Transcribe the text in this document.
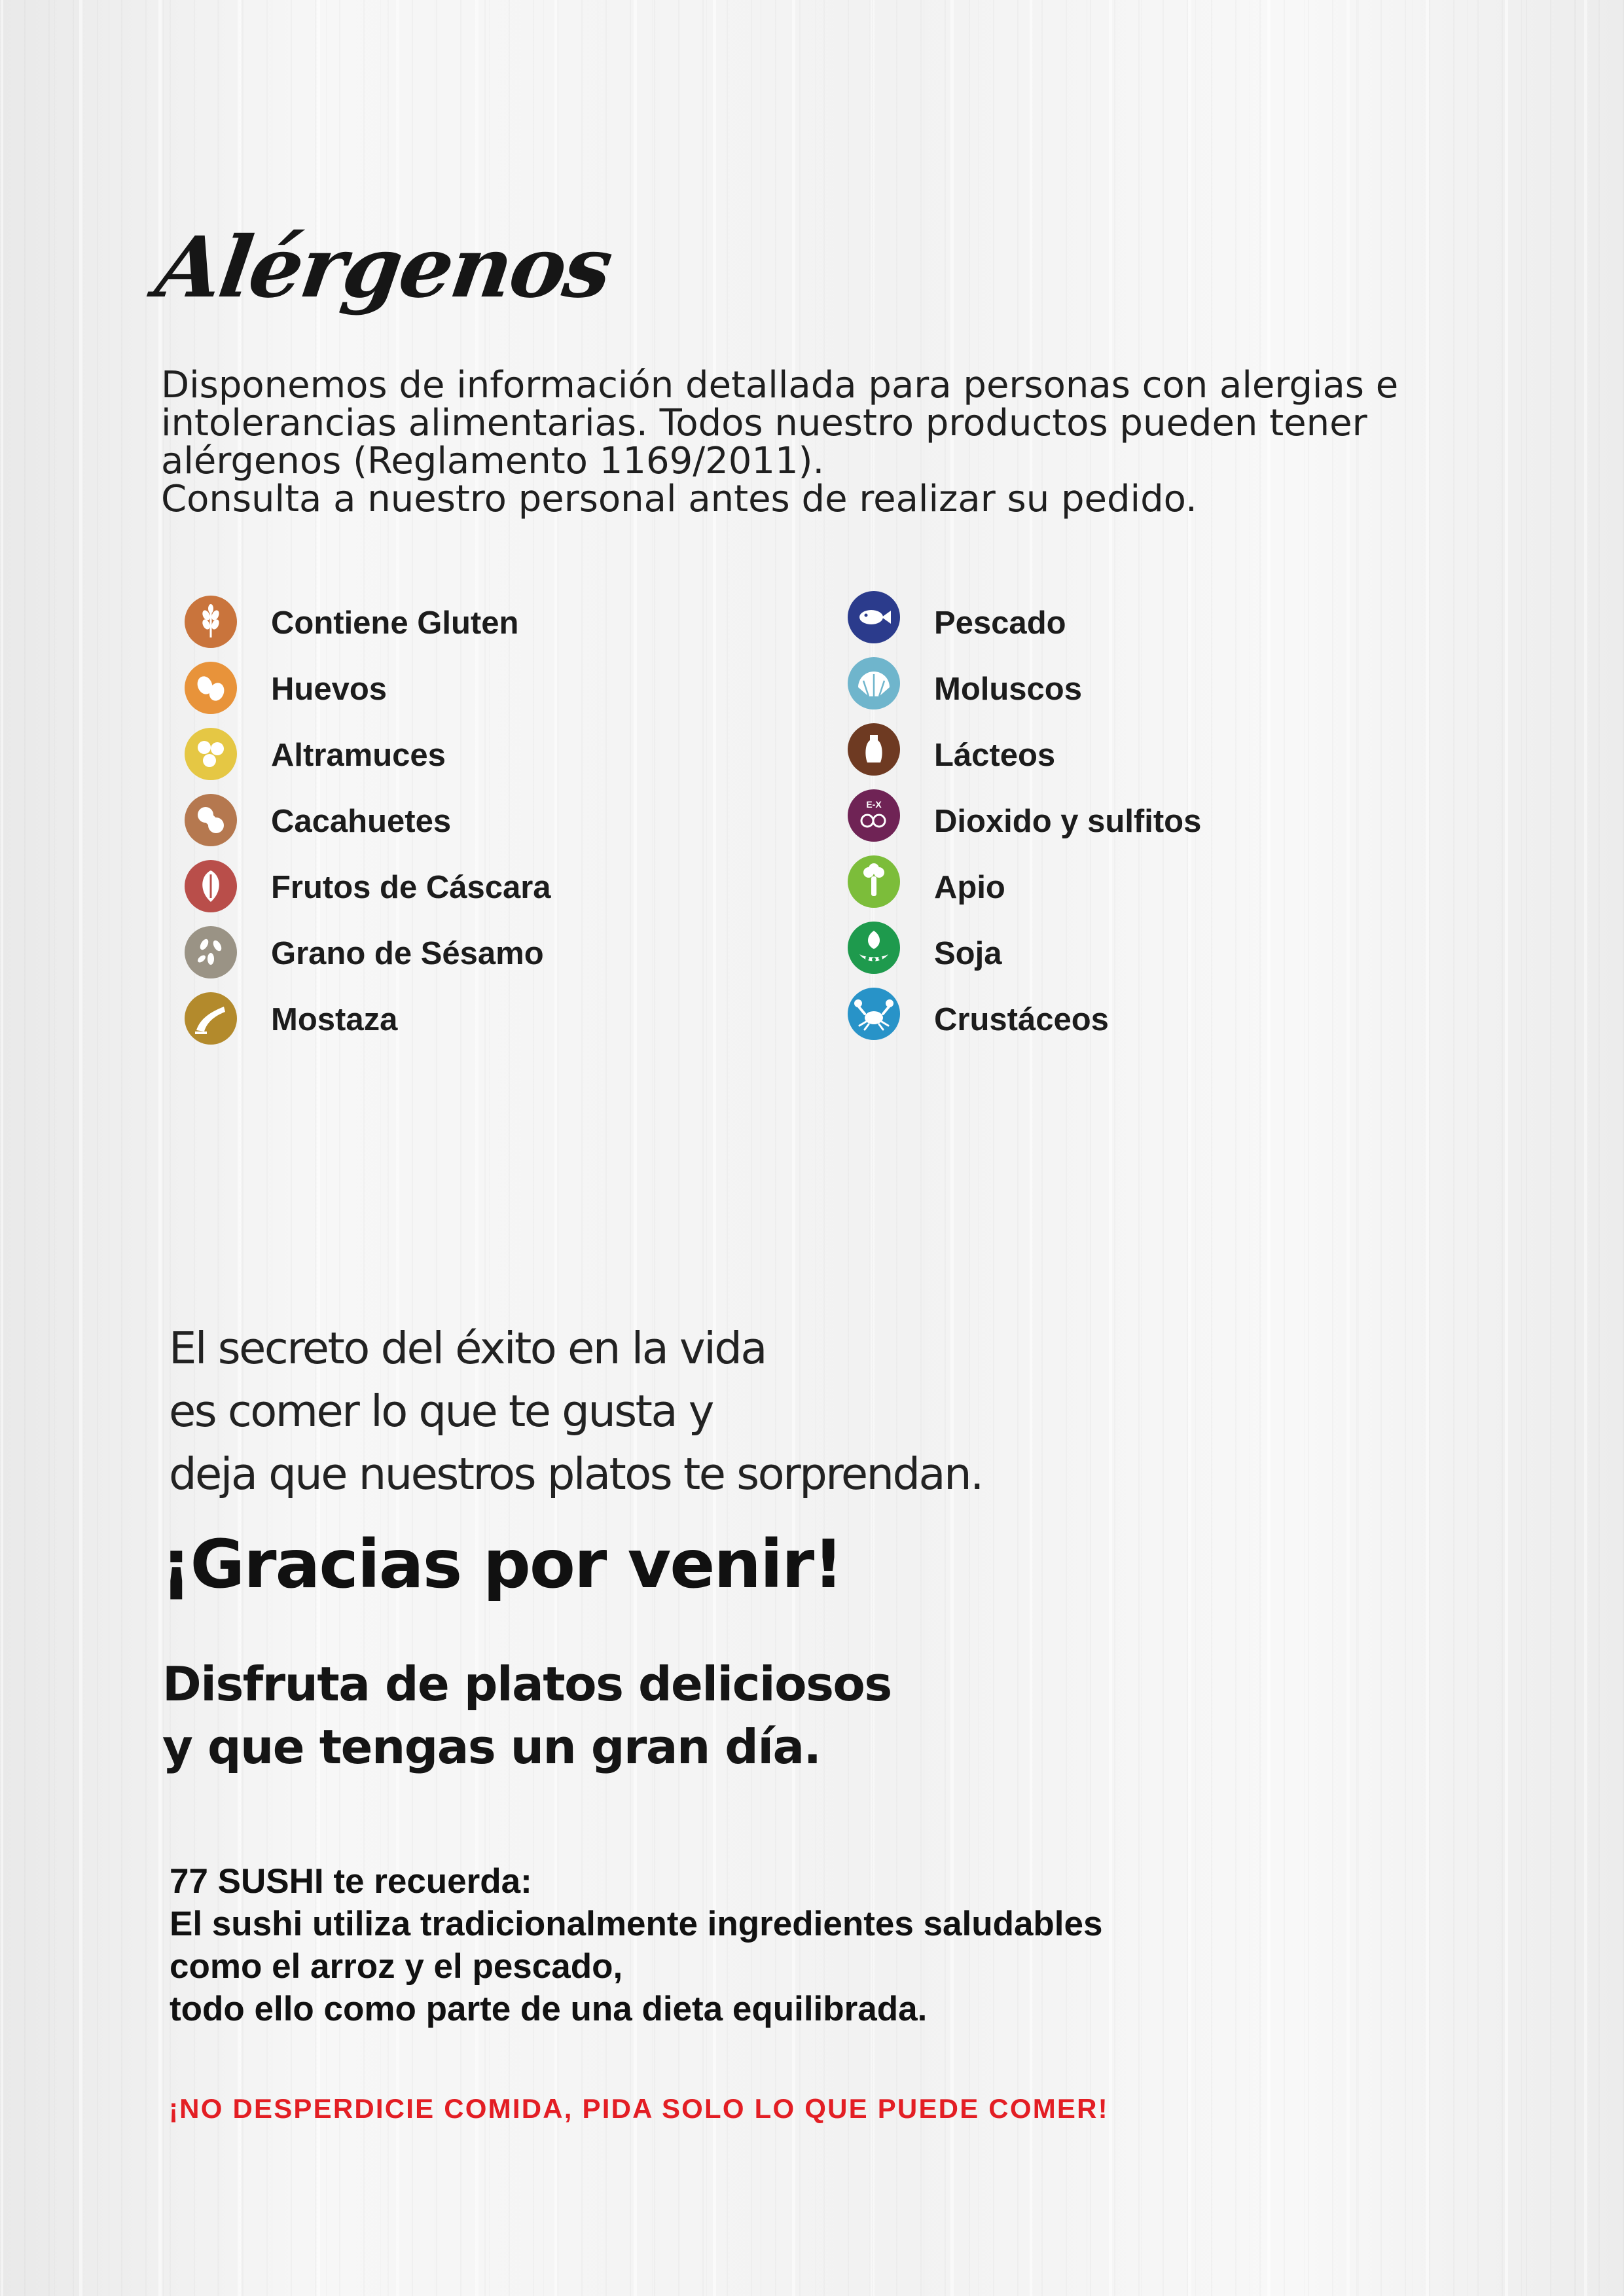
Alérgenos
Disponemos de información detallada para personas con alergias e
intolerancias alimentarias. Todos nuestro productos pueden tener
alérgenos (Reglamento 1169/2011).
Consulta a nuestro personal antes de realizar su pedido.
Contiene Gluten
Huevos
Altramuces
Cacahuetes
Frutos de Cáscara
Grano de Sésamo
Mostaza
Pescado
Moluscos
Lácteos
E-X Dioxido y sulfitos
Apio
Soja
Crustáceos
El secreto del éxito en la vida
es comer lo que te gusta y
deja que nuestros platos te sorprendan.
¡Gracias por venir!
Disfruta de platos deliciosos
y que tengas un gran día.
77 SUSHI te recuerda:
El sushi utiliza tradicionalmente ingredientes saludables
como el arroz y el pescado,
todo ello como parte de una dieta equilibrada.
¡NO DESPERDICIE COMIDA, PIDA SOLO LO QUE PUEDE COMER!
